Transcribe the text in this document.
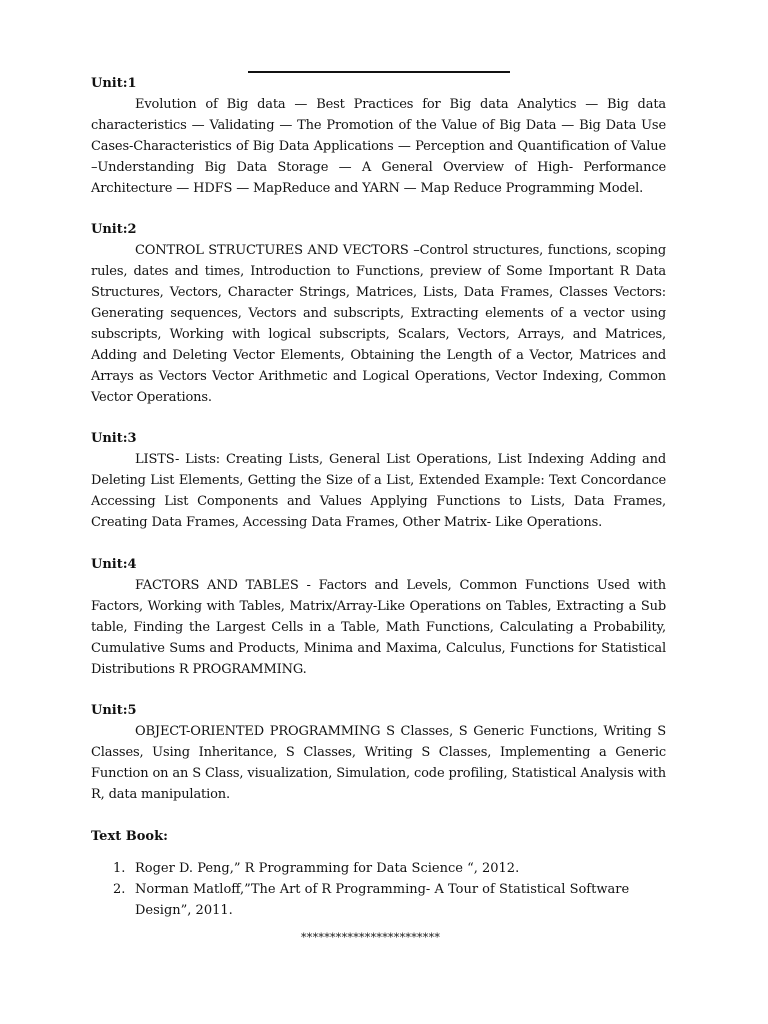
Unit:1

Evolution of Big data — Best Practices for Big data Analytics — Big data characteristics — Validating — The Promotion of the Value of Big Data — Big Data Use Cases-Characteristics of Big Data Applications — Perception and Quantification of Value –Understanding Big Data Storage — A General Overview of High- Performance Architecture — HDFS — MapReduce and YARN — Map Reduce Programming Model.

Unit:2

CONTROL STRUCTURES AND VECTORS –Control structures, functions, scoping rules, dates and times, Introduction to Functions, preview of Some Important R Data Structures, Vectors, Character Strings, Matrices, Lists, Data Frames, Classes Vectors: Generating sequences, Vectors and subscripts, Extracting elements of a vector using subscripts, Working with logical subscripts, Scalars, Vectors, Arrays, and Matrices, Adding and Deleting Vector Elements, Obtaining the Length of a Vector, Matrices and Arrays as Vectors Vector Arithmetic and Logical Operations, Vector Indexing, Common Vector Operations.

Unit:3

LISTS- Lists: Creating Lists, General List Operations, List Indexing Adding and Deleting List Elements, Getting the Size of a List, Extended Example: Text Concordance Accessing List Components and Values Applying Functions to Lists, Data Frames, Creating Data Frames, Accessing Data Frames, Other Matrix- Like Operations.

Unit:4

FACTORS AND TABLES - Factors and Levels, Common Functions Used with Factors, Working with Tables, Matrix/Array-Like Operations on Tables, Extracting a Sub table, Finding the Largest Cells in a Table, Math Functions, Calculating a Probability, Cumulative Sums and Products, Minima and Maxima, Calculus, Functions for Statistical Distributions R PROGRAMMING.

Unit:5

OBJECT-ORIENTED PROGRAMMING S Classes, S Generic Functions, Writing S Classes, Using Inheritance, S Classes, Writing S Classes, Implementing a Generic Function on an S Class, visualization, Simulation, code profiling, Statistical Analysis with R, data manipulation.

Text Book:
1. Roger D. Peng,” R Programming for Data Science “, 2012.
2. Norman Matloff,”The Art of R Programming- A Tour of Statistical Software Design”, 2011.
************************
